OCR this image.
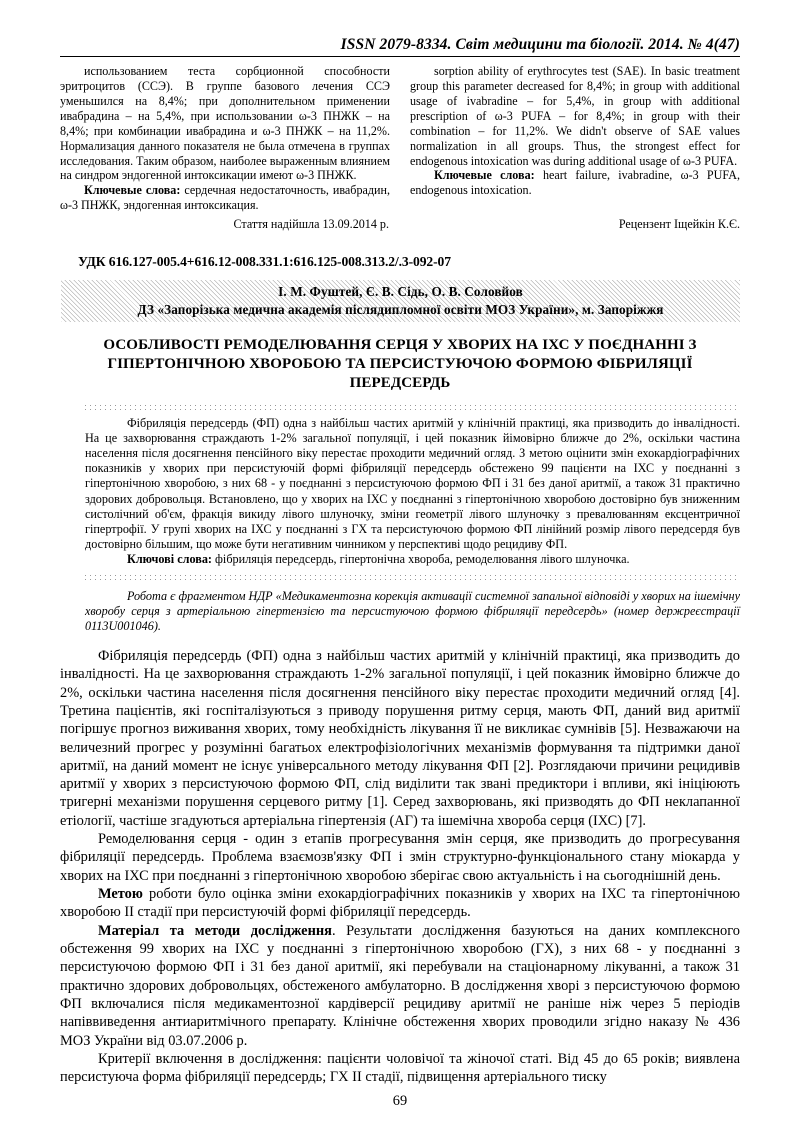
ISSN 2079-8334. Світ медицини та біології. 2014. № 4(47)

использованием теста сорбционной способности эритроцитов (ССЭ). В группе базового лечения ССЭ уменьшился на 8,4%; при дополнительном применении ивабрадина – на 5,4%, при использовании ω-3 ПНЖК – на 8,4%; при комбинации ивабрадина и ω-3 ПНЖК – на 11,2%. Нормализация данного показателя не была отмечена в группах исследования. Таким образом, наиболее выраженным влиянием на синдром эндогенной интоксикации имеют ω-3 ПНЖК.

Ключевые слова: сердечная недостаточность, ивабрадин, ω-3 ПНЖК, эндогенная интоксикация.

sorption ability of erythrocytes test (SAE). In basic treatment group this parameter decreased for 8,4%; in group with additional usage of ivabradine – for 5,4%, in group with additional prescription of ω-3 PUFA – for 8,4%; in group with their combination – for 11,2%. We didn't observe of SAE values normalization in all groups. Thus, the strongest effect for endogenous intoxication was during additional usage of ω-3 PUFA.

Ключевые слова: heart failure, ivabradine, ω-3 PUFA, endogenous intoxication.

Стаття надійшла 13.09.2014 р.	Рецензент Іщейкін К.Є.
УДК 616.127-005.4+616.12-008.331.1:616.125-008.313.2/.3-092-07
І. М. Фуштей, Є. В. Сідь, О. В. Соловйов
ДЗ «Запорізька медична академія післядипломної освіти МОЗ України», м. Запоріжжя
ОСОБЛИВОСТІ РЕМОДЕЛЮВАННЯ СЕРЦЯ У ХВОРИХ НА ІХС У ПОЄДНАННІ З ГІПЕРТОНІЧНОЮ ХВОРОБОЮ ТА ПЕРСИСТУЮЧОЮ ФОРМОЮ ФІБРИЛЯЦІЇ ПЕРЕДСЕРДЬ

Фібриляція передсердь (ФП) одна з найбільш частих аритмій у клінічній практиці, яка призводить до інвалідності. На це захворювання страждають 1-2% загальної популяції, і цей показник йімовірно ближче до 2%, оскільки частина населення після досягнення пенсійного віку перестає проходити медичний огляд. З метою оцінити змін ехокардіографічних показників у хворих при персистуючій формі фібриляції передсердь обстежено 99 пацієнти на ІХС у поєднанні з гіпертонічною хворобою, з них 68 - у поєднанні з персистуючою формою ФП і 31 без даної аритмії, а також 31 практично здорових добровольця. Встановлено, що у хворих на ІХС у поєднанні з гіпертонічною хворобою достовірно був зниженним систолічний об'єм, фракція викиду лівого шлуночку, зміни геометрії лівого шлуночку з превалюванням ексцентричної гіпертрофії. У групі хворих на ІХС у поєднанні з ГХ та персистуючою формою ФП лінійний розмір лівого передсердя був достовірно більшим, що може бути негативним чинником у перспективі щодо рецидиву ФП.

Ключові слова: фібриляція передсердь, гіпертонічна хвороба, ремоделювання лівого шлуночка.

Робота є фрагментом НДР «Медикаментозна корекція активації системної запальної відповіді у хворих на ішемічну хворобу серця з артеріальною гіпертензією та персистуючою формою фібриляції передсердь» (номер держреєстрації 0113U001046).

Фібриляція передсердь (ФП) одна з найбільш частих аритмій у клінічній практиці, яка призводить до інвалідності. На це захворювання страждають 1-2% загальної популяції, і цей показник ймовірно ближче до 2%, оскільки частина населення після досягнення пенсійного віку перестає проходити медичний огляд [4]. Третина пацієнтів, які госпіталізуються з приводу порушення ритму серця, мають ФП, даний вид аритмії погіршує прогноз виживання хворих, тому необхідність лікування її не викликає сумнівів [5]. Незважаючи на величезний прогрес у розумінні багатьох електрофізіологічних механізмів формування та підтримки даної аритмії, на даний момент не існує універсального методу лікування ФП [2]. Розглядаючи причини рецидивів аритмії у хворих з персистуючою формою ФП, слід виділити так звані предиктори і впливи, які ініціюють тригерні механізми порушення серцевого ритму [1]. Серед захворювань, які призводять до ФП неклапанної етіології, частіше згадуються артеріальна гіпертензія (АГ) та ішемічна хвороба серця (ІХС) [7].

Ремоделювання серця - один з етапів прогресування змін серця, яке призводить до прогресування фібриляції передсердь. Проблема взаємозв'язку ФП і змін структурно-функціонального стану міокарда у хворих на ІХС при поєднанні з гіпертонічною хворобою зберігає свою актуальність і на сьогоднішній день.

Метою роботи було оцінка зміни ехокардіографічних показників у хворих на ІХС та гіпертонічною хворобою ІІ стадії при персистуючій формі фібриляції передсердь.

Матеріал та методи дослідження. Результати дослідження базуються на даних комплексного обстеження 99 хворих на ІХС у поєднанні з гіпертонічною хворобою (ГХ), з них 68 - у поєднанні з персистуючою формою ФП і 31 без даної аритмії, які перебували на стаціонарному лікуванні, а також 31 практично здорових добровольцях, обстеженого амбулаторно. В дослідження хворі з персистуючою формою ФП включалися після медикаментозної кардіверсії рецидиву аритмії не раніше ніж через 5 періодів напіввиведення антиаритмічного препарату. Клінічне обстеження хворих проводили згідно наказу № 436 МОЗ України від 03.07.2006 р.

Критерії включення в дослідження: пацієнти чоловічої та жіночої статі. Від 45 до 65 років; виявлена персистуюча форма фібриляції передсердь; ГХ ІІ стадії, підвищення артеріального тиску

69
